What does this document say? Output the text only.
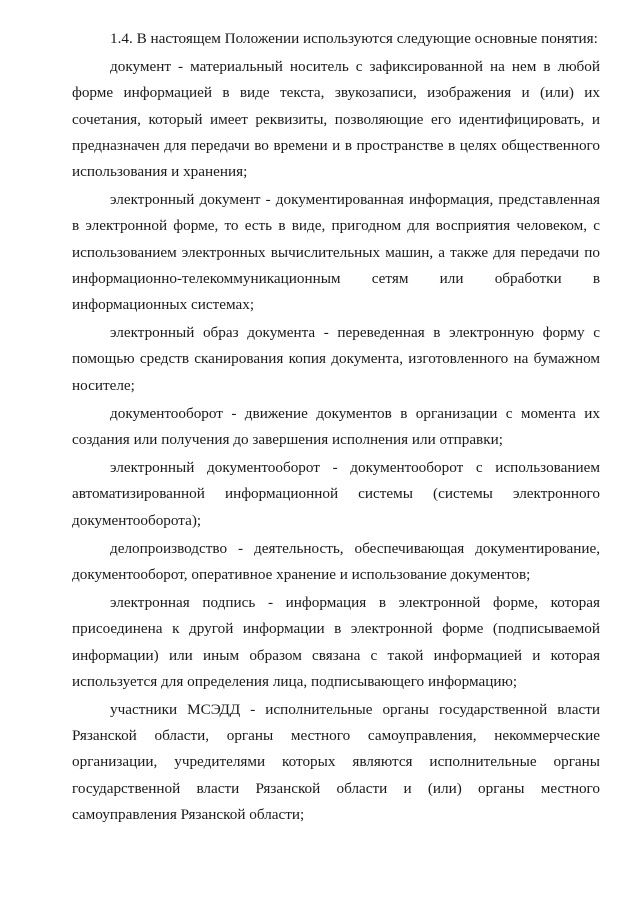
1.4. В настоящем Положении используются следующие основные понятия:

документ - материальный носитель с зафиксированной на нем в любой форме информацией в виде текста, звукозаписи, изображения и (или) их сочетания, который имеет реквизиты, позволяющие его идентифицировать, и предназначен для передачи во времени и в пространстве в целях общественного использования и хранения;

электронный документ - документированная информация, представленная в электронной форме, то есть в виде, пригодном для восприятия человеком, с использованием электронных вычислительных машин, а также для передачи по информационно-телекоммуникационным сетям или обработки в информационных системах;

электронный образ документа - переведенная в электронную форму с помощью средств сканирования копия документа, изготовленного на бумажном носителе;

документооборот - движение документов в организации с момента их создания или получения до завершения исполнения или отправки;

электронный документооборот - документооборот с использованием автоматизированной информационной системы (системы электронного документооборота);

делопроизводство - деятельность, обеспечивающая документирование, документооборот, оперативное хранение и использование документов;

электронная подпись - информация в электронной форме, которая присоединена к другой информации в электронной форме (подписываемой информации) или иным образом связана с такой информацией и которая используется для определения лица, подписывающего информацию;

участники МСЭДД - исполнительные органы государственной власти Рязанской области, органы местного самоуправления, некоммерческие организации, учредителями которых являются исполнительные органы государственной власти Рязанской области и (или) органы местного самоуправления Рязанской области;
